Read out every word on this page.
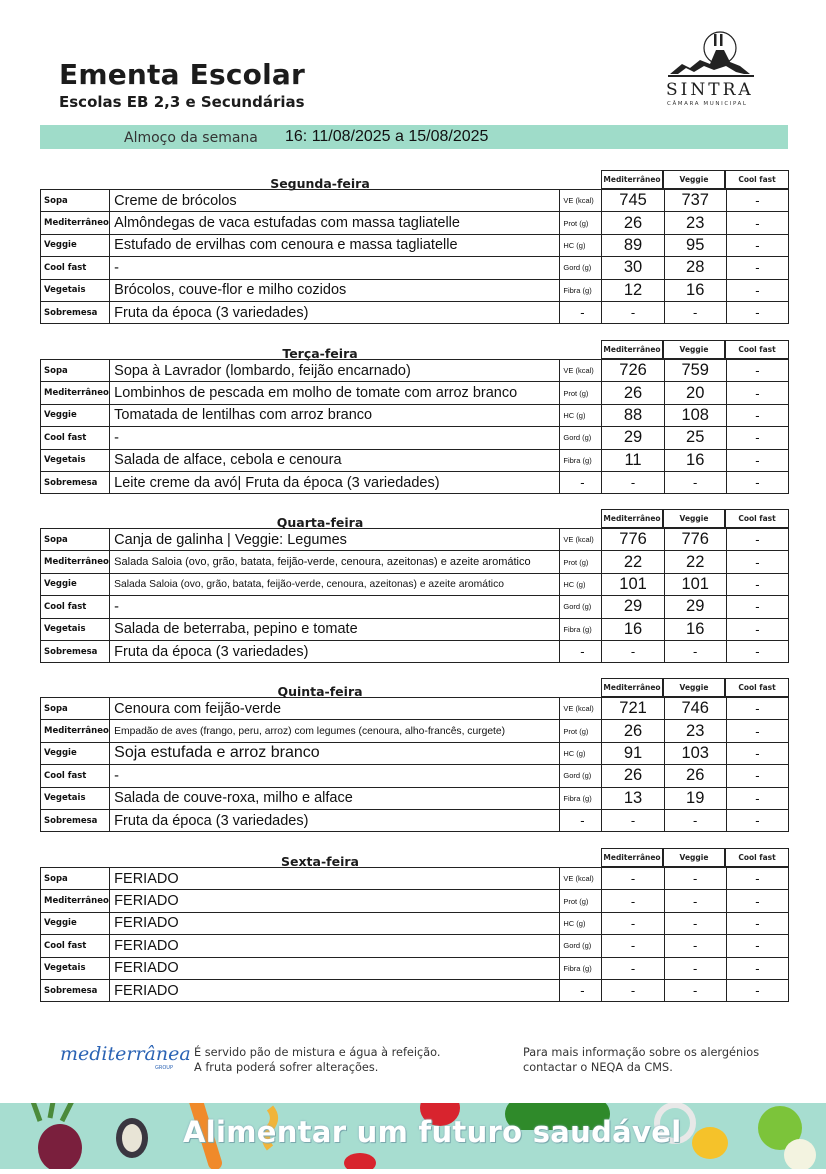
Ementa Escolar
Escolas EB 2,3 e Secundárias
SINTRA
CÂMARA MUNICIPAL
Almoço da semana 16: 11/08/2025 a 15/08/2025
Segunda-feira	Mediterrâneo	Veggie	Cool fast
Sopa	Creme de brócolos	VE (kcal)	745	737	-
Mediterrâneo	Almôndegas de vaca estufadas com massa tagliatelle	Prot (g)	26	23	-
Veggie	Estufado de ervilhas com cenoura e massa tagliatelle	HC (g)	89	95	-
Cool fast	-	Gord (g)	30	28	-
Vegetais	Brócolos, couve-flor e milho cozidos	Fibra (g)	12	16	-
Sobremesa	Fruta da época (3 variedades)	-	-	-	-
Terça-feira	Mediterrâneo	Veggie	Cool fast
Sopa	Sopa à Lavrador (lombardo, feijão encarnado)	VE (kcal)	726	759	-
Mediterrâneo	Lombinhos de pescada em molho de tomate com arroz branco	Prot (g)	26	20	-
Veggie	Tomatada de lentilhas com arroz branco	HC (g)	88	108	-
Cool fast	-	Gord (g)	29	25	-
Vegetais	Salada de alface, cebola e cenoura	Fibra (g)	11	16	-
Sobremesa	Leite creme da avó| Fruta da época (3 variedades)	-	-	-	-
Quarta-feira	Mediterrâneo	Veggie	Cool fast
Sopa	Canja de galinha | Veggie: Legumes	VE (kcal)	776	776	-
Mediterrâneo	Salada Saloia (ovo, grão, batata, feijão-verde, cenoura, azeitonas) e azeite aromático	Prot (g)	22	22	-
Veggie	Salada Saloia (ovo, grão, batata, feijão-verde, cenoura, azeitonas) e azeite aromático	HC (g)	101	101	-
Cool fast	-	Gord (g)	29	29	-
Vegetais	Salada de beterraba, pepino e tomate	Fibra (g)	16	16	-
Sobremesa	Fruta da época (3 variedades)	-	-	-	-
Quinta-feira	Mediterrâneo	Veggie	Cool fast
Sopa	Cenoura com feijão-verde	VE (kcal)	721	746	-
Mediterrâneo	Empadão de aves (frango, peru, arroz) com legumes (cenoura, alho-francês, curgete)	Prot (g)	26	23	-
Veggie	Soja estufada e arroz branco	HC (g)	91	103	-
Cool fast	-	Gord (g)	26	26	-
Vegetais	Salada de couve-roxa, milho e alface	Fibra (g)	13	19	-
Sobremesa	Fruta da época (3 variedades)	-	-	-	-
Sexta-feira	Mediterrâneo	Veggie	Cool fast
Sopa	FERIADO	VE (kcal)	-	-	-
Mediterrâneo	FERIADO	Prot (g)	-	-	-
Veggie	FERIADO	HC (g)	-	-	-
Cool fast	FERIADO	Gord (g)	-	-	-
Vegetais	FERIADO	Fibra (g)	-	-	-
Sobremesa	FERIADO	-	-	-	-
mediterrânea
GROUP
É servido pão de mistura e água à refeição.
A fruta poderá sofrer alterações.
Para mais informação sobre os alergénios
contactar o NEQA da CMS.
Alimentar um futuro saudável
